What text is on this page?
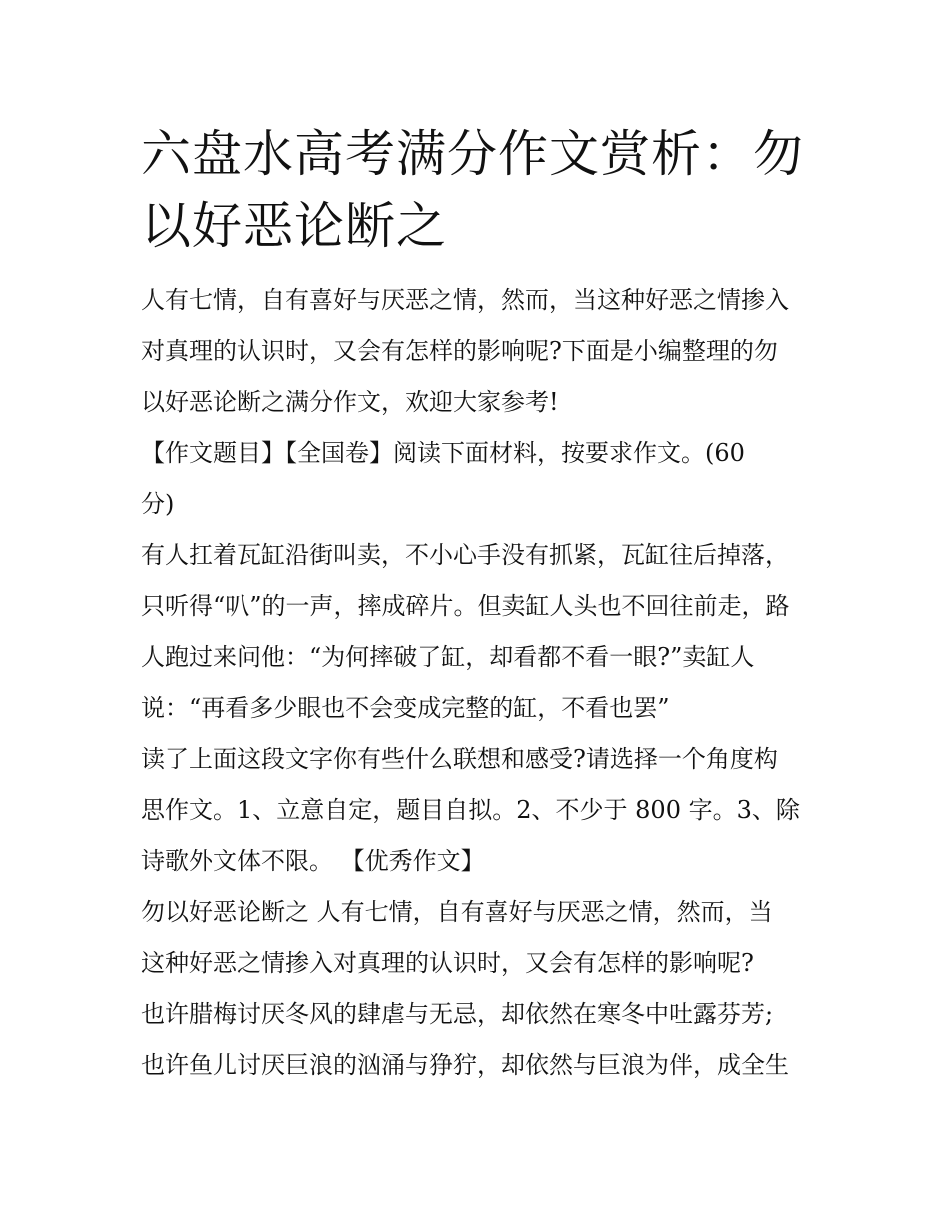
六盘水高考满分作文赏析：勿
以好恶论断之
人有七情，自有喜好与厌恶之情，然而，当这种好恶之情掺入
对真理的认识时，又会有怎样的影响呢?下面是小编整理的勿
以好恶论断之满分作文，欢迎大家参考!
【作文题目】【全国卷】阅读下面材料，按要求作文。(60
分)
有人扛着瓦缸沿街叫卖，不小心手没有抓紧，瓦缸往后掉落，
只听得“叭”的一声，摔成碎片。但卖缸人头也不回往前走，路
人跑过来问他：“为何摔破了缸，却看都不看一眼?”卖缸人
说：“再看多少眼也不会变成完整的缸，不看也罢”
读了上面这段文字你有些什么联想和感受?请选择一个角度构
思作文。1、立意自定，题目自拟。2、不少于 800 字。3、除
诗歌外文体不限。 【优秀作文】
勿以好恶论断之 人有七情，自有喜好与厌恶之情，然而，当
这种好恶之情掺入对真理的认识时，又会有怎样的影响呢?
也许腊梅讨厌冬风的肆虐与无忌，却依然在寒冬中吐露芬芳;
也许鱼儿讨厌巨浪的汹涌与狰狞，却依然与巨浪为伴，成全生
